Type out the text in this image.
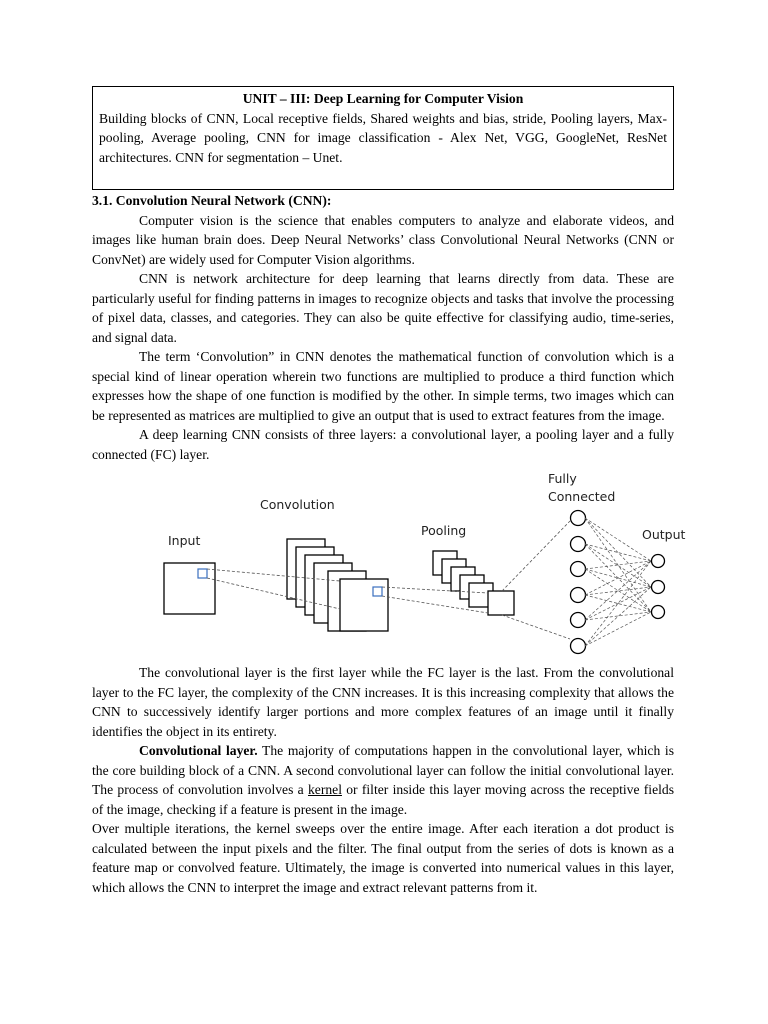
UNIT – III: Deep Learning for Computer Vision
Building blocks of CNN, Local receptive fields, Shared weights and bias, stride, Pooling layers, Max-pooling, Average pooling, CNN for image classification - Alex Net, VGG, GoogleNet, ResNet architectures. CNN for segmentation – Unet.
3.1. Convolution Neural Network (CNN):

Computer vision is the science that enables computers to analyze and elaborate videos, and images like human brain does. Deep Neural Networks’ class Convolutional Neural Networks (CNN or ConvNet) are widely used for Computer Vision algorithms.

CNN is network architecture for deep learning that learns directly from data. These are particularly useful for finding patterns in images to recognize objects and tasks that involve the processing of pixel data, classes, and categories. They can also be quite effective for classifying audio, time-series, and signal data.

The term ‘Convolution” in CNN denotes the mathematical function of convolution which is a special kind of linear operation wherein two functions are multiplied to produce a third function which expresses how the shape of one function is modified by the other. In simple terms, two images which can be represented as matrices are multiplied to give an output that is used to extract features from the image.

A deep learning CNN consists of three layers: a convolutional layer, a pooling layer and a fully connected (FC) layer.

Input
Convolution
Pooling
Fully
Connected
Output

The convolutional layer is the first layer while the FC layer is the last. From the convolutional layer to the FC layer, the complexity of the CNN increases. It is this increasing complexity that allows the CNN to successively identify larger portions and more complex features of an image until it finally identifies the object in its entirety.

Convolutional layer. The majority of computations happen in the convolutional layer, which is the core building block of a CNN. A second convolutional layer can follow the initial convolutional layer. The process of convolution involves a kernel or filter inside this layer moving across the receptive fields of the image, checking if a feature is present in the image.

Over multiple iterations, the kernel sweeps over the entire image. After each iteration a dot product is calculated between the input pixels and the filter. The final output from the series of dots is known as a feature map or convolved feature. Ultimately, the image is converted into numerical values in this layer, which allows the CNN to interpret the image and extract relevant patterns from it.
